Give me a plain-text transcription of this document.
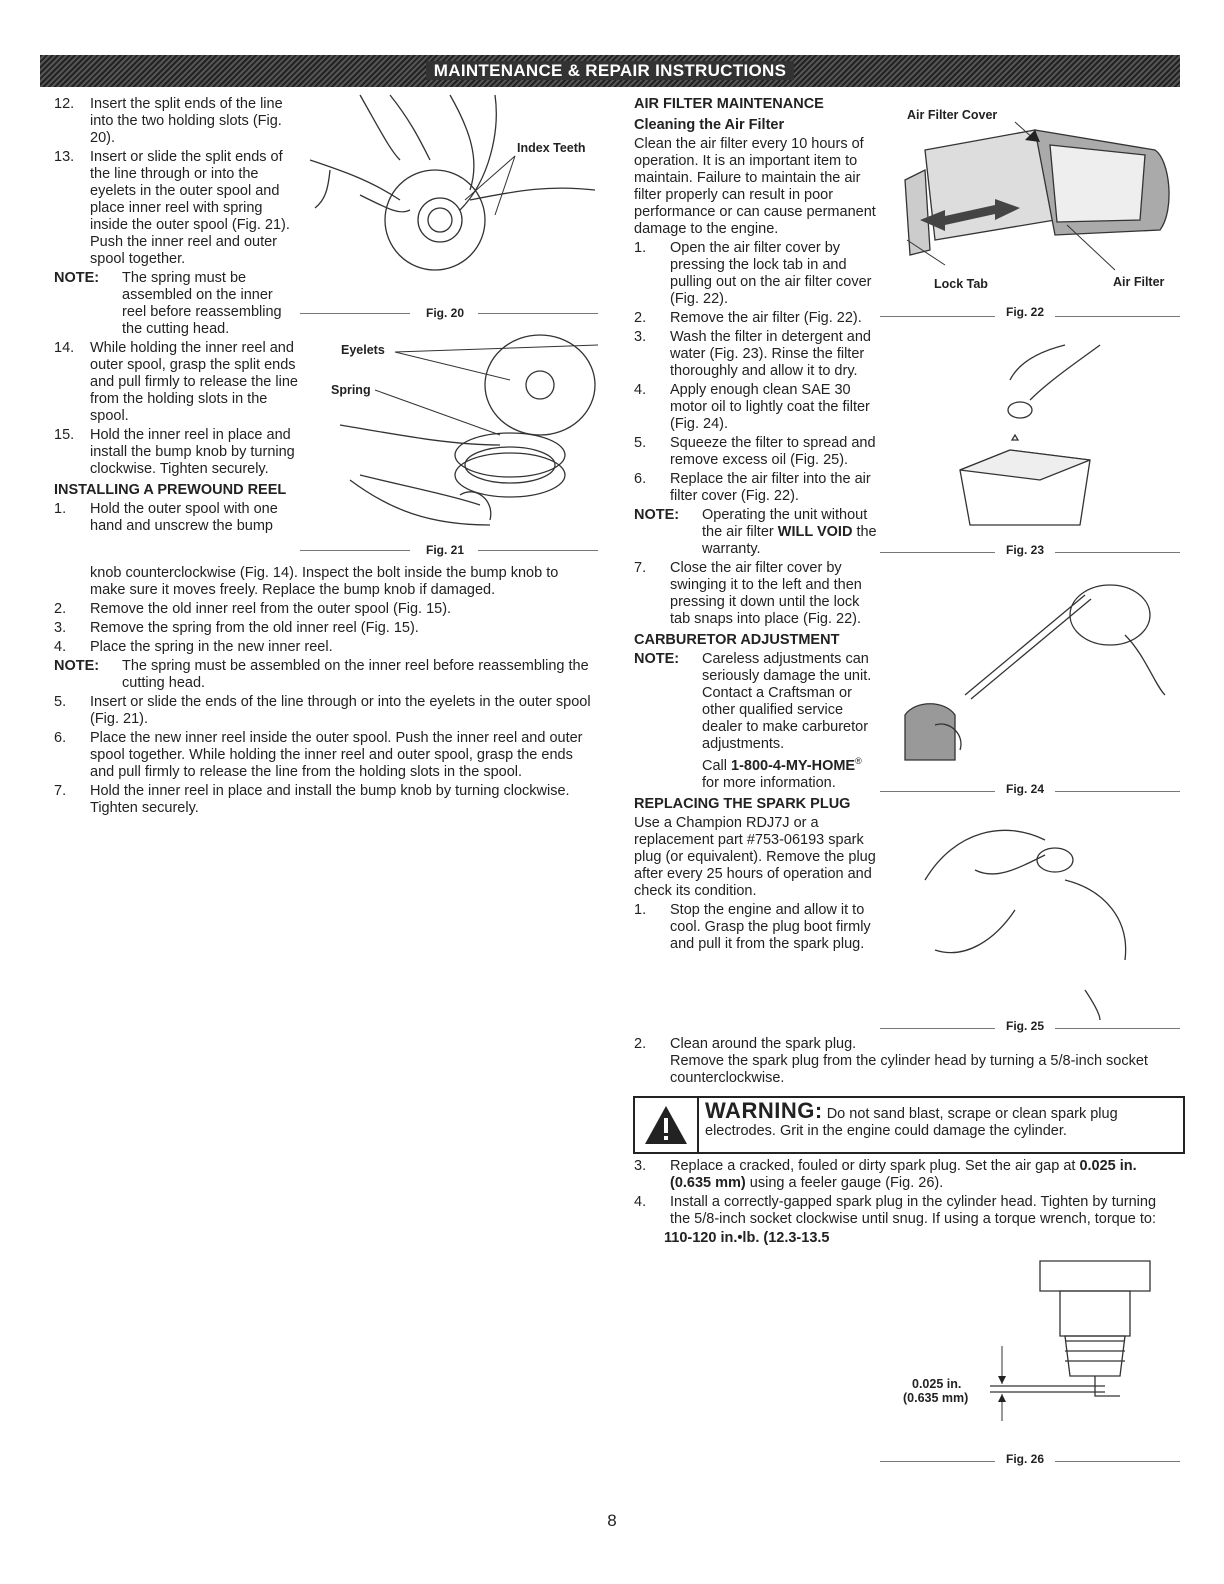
MAINTENANCE & REPAIR INSTRUCTIONS
12. Insert the split ends of the line into the two holding slots (Fig. 20).
13. Insert or slide the split ends of the line through or into the eyelets in the outer spool and place inner reel with spring inside the outer spool (Fig. 21). Push the inner reel and outer spool together.
NOTE: The spring must be assembled on the inner reel before reassembling the cutting head.
14. While holding the inner reel and outer spool, grasp the split ends and pull firmly to release the line from the holding slots in the spool.
15. Hold the inner reel in place and install the bump knob by turning clockwise. Tighten securely.
INSTALLING A PREWOUND REEL
1. Hold the outer spool with one hand and unscrew the bump
knob counterclockwise (Fig. 14). Inspect the bolt inside the bump knob to make sure it moves freely. Replace the bump knob if damaged.
2. Remove the old inner reel from the outer spool (Fig. 15).
3. Remove the spring from the old inner reel (Fig. 15).
4. Place the spring in the new inner reel.
NOTE: The spring must be assembled on the inner reel before reassembling the cutting head.
5. Insert or slide the ends of the line through or into the eyelets in the outer spool (Fig. 21).
6. Place the new inner reel inside the outer spool. Push the inner reel and outer spool together. While holding the inner reel and outer spool, grasp the ends and pull firmly to release the line from the holding slots in the spool.
7. Hold the inner reel in place and install the bump knob by turning clockwise. Tighten securely.
Index Teeth
Fig. 20
Eyelets
Spring
Fig. 21
AIR FILTER MAINTENANCE
Cleaning the Air Filter
Clean the air filter every 10 hours of operation. It is an important item to maintain. Failure to maintain the air filter properly can result in poor performance or can cause permanent damage to the engine.
1. Open the air filter cover by pressing the lock tab in and pulling out on the air filter cover (Fig. 22).
2. Remove the air filter (Fig. 22).
3. Wash the filter in detergent and water (Fig. 23). Rinse the filter thoroughly and allow it to dry.
4. Apply enough clean SAE 30 motor oil to lightly coat the filter (Fig. 24).
5. Squeeze the filter to spread and remove excess oil (Fig. 25).
6. Replace the air filter into the air filter cover (Fig. 22).
NOTE: Operating the unit without the air filter WILL VOID the warranty.
7. Close the air filter cover by swinging it to the left and then pressing it down until the lock tab snaps into place (Fig. 22).
CARBURETOR ADJUSTMENT
NOTE: Careless adjustments can seriously damage the unit. Contact a Craftsman or other qualified service dealer to make carburetor adjustments.
Call 1-800-4-MY-HOME®
for more information.
REPLACING THE SPARK PLUG
Use a Champion RDJ7J or a replacement part #753-06193 spark plug (or equivalent). Remove the plug after every 25 hours of operation and check its condition.
1. Stop the engine and allow it to cool. Grasp the plug boot firmly and pull it from the spark plug.
2. Clean around the spark plug.
Remove the spark plug from the cylinder head by turning a 5/8-inch socket counterclockwise.
WARNING: Do not sand blast, scrape or clean spark plug electrodes. Grit in the engine could damage the cylinder.
3. Replace a cracked, fouled or dirty spark plug. Set the air gap at 0.025 in. (0.635 mm) using a feeler gauge (Fig. 26).
4. Install a correctly-gapped spark plug in the cylinder head. Tighten by turning the 5/8-inch socket clockwise until snug. If using a torque wrench, torque to:
110-120 in.•lb. (12.3-13.5
Air Filter Cover
Lock Tab	Air Filter
Fig. 22
Fig. 23
Fig. 24
Fig. 25
0.025 in.
(0.635 mm)
Fig. 26
8
